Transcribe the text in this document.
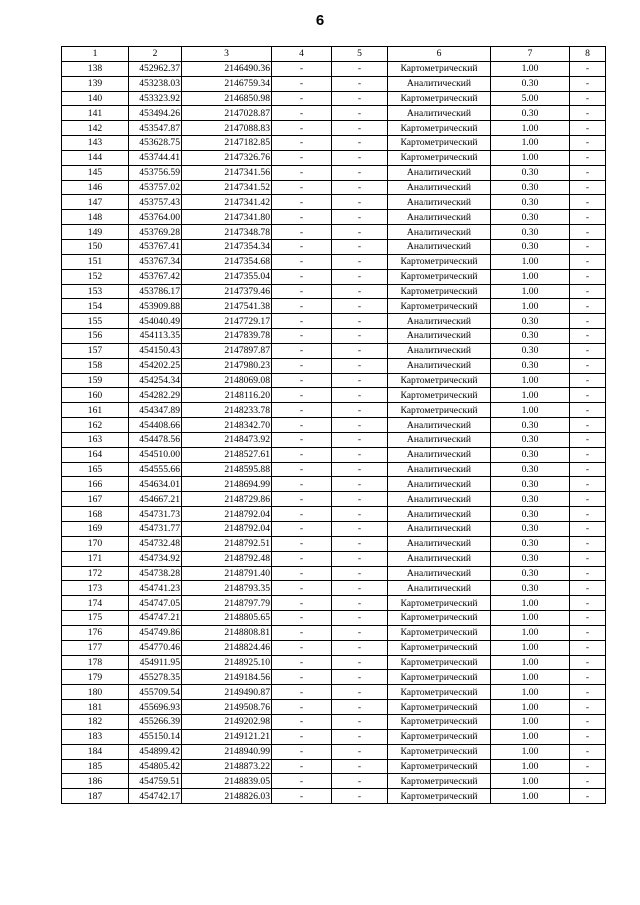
6
1	2	3	4	5	6	7	8
138	452962.37	2146490.36	-	-	Картометрический	1.00	-
139	453238.03	2146759.34	-	-	Аналитический	0.30	-
140	453323.92	2146850.98	-	-	Картометрический	5.00	-
141	453494.26	2147028.87	-	-	Аналитический	0.30	-
142	453547.87	2147088.83	-	-	Картометрический	1.00	-
143	453628.75	2147182.85	-	-	Картометрический	1.00	-
144	453744.41	2147326.76	-	-	Картометрический	1.00	-
145	453756.59	2147341.56	-	-	Аналитический	0.30	-
146	453757.02	2147341.52	-	-	Аналитический	0.30	-
147	453757.43	2147341.42	-	-	Аналитический	0.30	-
148	453764.00	2147341.80	-	-	Аналитический	0.30	-
149	453769.28	2147348.78	-	-	Аналитический	0.30	-
150	453767.41	2147354.34	-	-	Аналитический	0.30	-
151	453767.34	2147354.68	-	-	Картометрический	1.00	-
152	453767.42	2147355.04	-	-	Картометрический	1.00	-
153	453786.17	2147379.46	-	-	Картометрический	1.00	-
154	453909.88	2147541.38	-	-	Картометрический	1.00	-
155	454040.49	2147729.17	-	-	Аналитический	0.30	-
156	454113.35	2147839.78	-	-	Аналитический	0.30	-
157	454150.43	2147897.87	-	-	Аналитический	0.30	-
158	454202.25	2147980.23	-	-	Аналитический	0.30	-
159	454254.34	2148069.08	-	-	Картометрический	1.00	-
160	454282.29	2148116.20	-	-	Картометрический	1.00	-
161	454347.89	2148233.78	-	-	Картометрический	1.00	-
162	454408.66	2148342.70	-	-	Аналитический	0.30	-
163	454478.56	2148473.92	-	-	Аналитический	0.30	-
164	454510.00	2148527.61	-	-	Аналитический	0.30	-
165	454555.66	2148595.88	-	-	Аналитический	0.30	-
166	454634.01	2148694.99	-	-	Аналитический	0.30	-
167	454667.21	2148729.86	-	-	Аналитический	0.30	-
168	454731.73	2148792.04	-	-	Аналитический	0.30	-
169	454731.77	2148792.04	-	-	Аналитический	0.30	-
170	454732.48	2148792.51	-	-	Аналитический	0.30	-
171	454734.92	2148792.48	-	-	Аналитический	0.30	-
172	454738.28	2148791.40	-	-	Аналитический	0.30	-
173	454741.23	2148793.35	-	-	Аналитический	0.30	-
174	454747.05	2148797.79	-	-	Картометрический	1.00	-
175	454747.21	2148805.65	-	-	Картометрический	1.00	-
176	454749.86	2148808.81	-	-	Картометрический	1.00	-
177	454770.46	2148824.46	-	-	Картометрический	1.00	-
178	454911.95	2148925.10	-	-	Картометрический	1.00	-
179	455278.35	2149184.56	-	-	Картометрический	1.00	-
180	455709.54	2149490.87	-	-	Картометрический	1.00	-
181	455696.93	2149508.76	-	-	Картометрический	1.00	-
182	455266.39	2149202.98	-	-	Картометрический	1.00	-
183	455150.14	2149121.21	-	-	Картометрический	1.00	-
184	454899.42	2148940.99	-	-	Картометрический	1.00	-
185	454805.42	2148873.22	-	-	Картометрический	1.00	-
186	454759.51	2148839.05	-	-	Картометрический	1.00	-
187	454742.17	2148826.03	-	-	Картометрический	1.00	-
